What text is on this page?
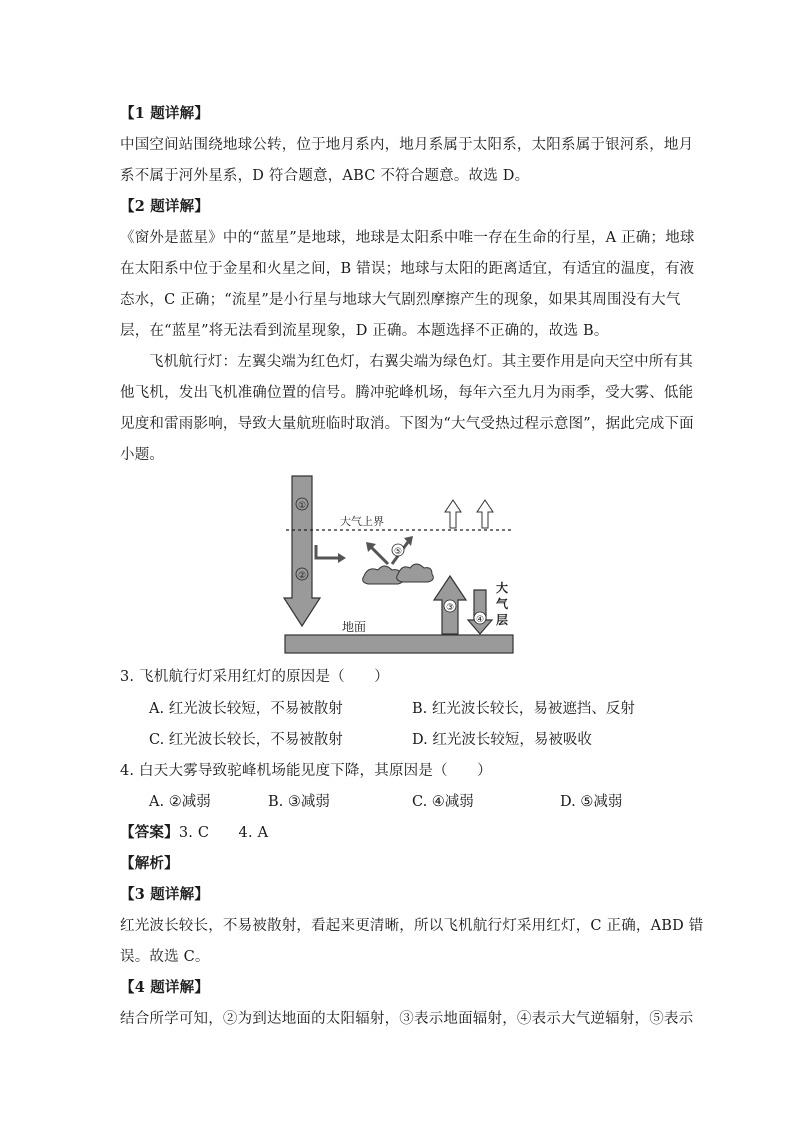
【1 题详解】
中国空间站围绕地球公转，位于地月系内，地月系属于太阳系，太阳系属于银河系，地月
系不属于河外星系，D 符合题意，ABC 不符合题意。故选 D。
【2 题详解】
《窗外是蓝星》中的“蓝星”是地球，地球是太阳系中唯一存在生命的行星，A 正确；地球
在太阳系中位于金星和火星之间，B 错误；地球与太阳的距离适宜，有适宜的温度，有液
态水，C 正确；“流星”是小行星与地球大气剧烈摩擦产生的现象，如果其周围没有大气
层，在“蓝星”将无法看到流星现象，D 正确。本题选择不正确的，故选 B。
飞机航行灯：左翼尖端为红色灯，右翼尖端为绿色灯。其主要作用是向天空中所有其
他飞机，发出飞机准确位置的信号。腾冲驼峰机场，每年六至九月为雨季，受大雾、低能
见度和雷雨影响，导致大量航班临时取消。下图为“大气受热过程示意图”，据此完成下面
小题。
地面
①
②
大气上界
⑤
③
④
大
气
层
3. 飞机航行灯采用红灯的原因是（　　）
A. 红光波长较短，不易被散射	B. 红光波长较长，易被遮挡、反射
C. 红光波长较长，不易被散射	D. 红光波长较短，易被吸收
4. 白天大雾导致驼峰机场能见度下降，其原因是（　　）
A. ②减弱	B. ③减弱	C. ④减弱	D. ⑤减弱
【答案】3. C　　4. A
【解析】
【3 题详解】
红光波长较长，不易被散射，看起来更清晰，所以飞机航行灯采用红灯，C 正确，ABD 错
误。故选 C。
【4 题详解】
结合所学可知，②为到达地面的太阳辐射，③表示地面辐射，④表示大气逆辐射，⑤表示
